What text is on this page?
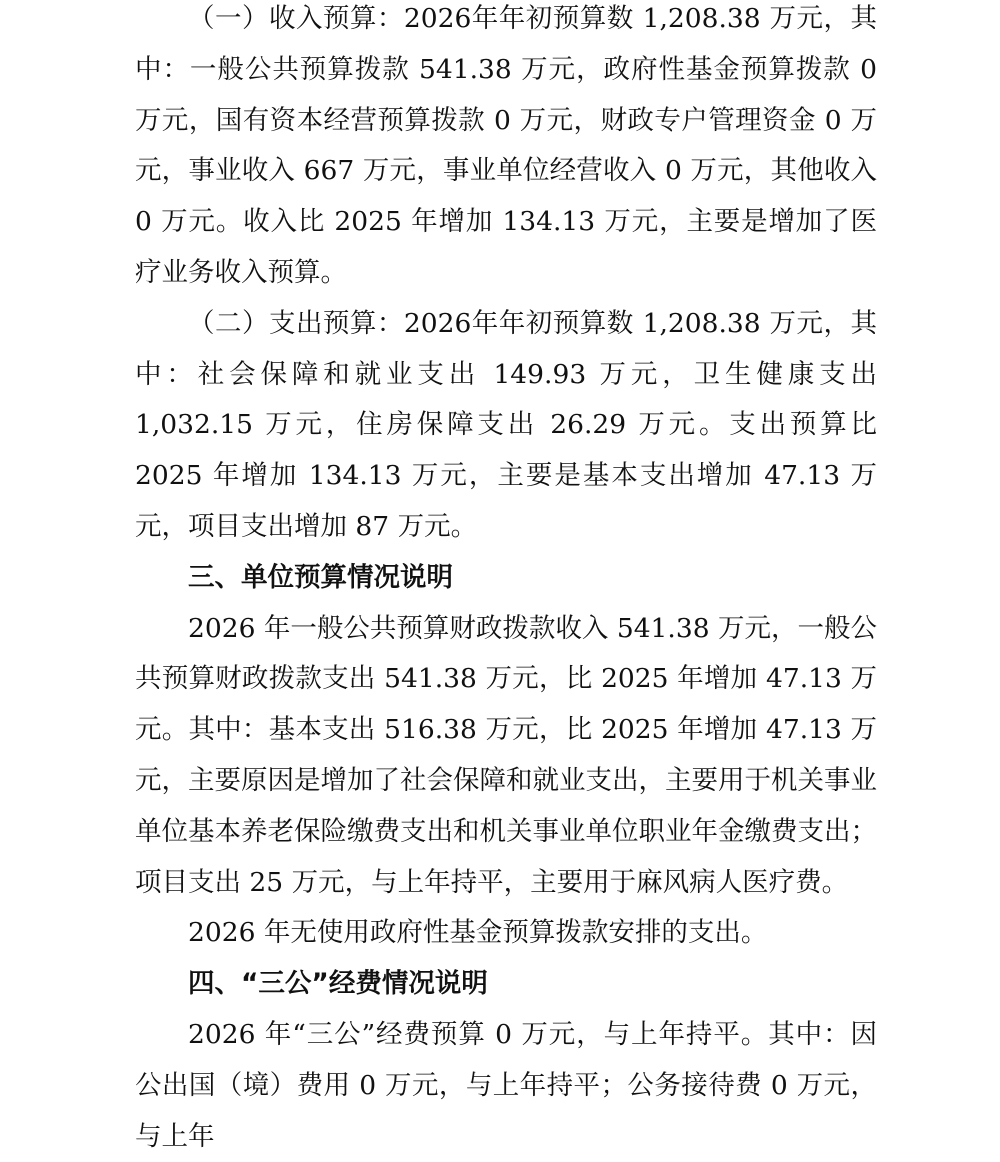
（一）收入预算：2026年年初预算数 1,208.38 万元，其中：一般公共预算拨款 541.38 万元，政府性基金预算拨款 0 万元，国有资本经营预算拨款 0 万元，财政专户管理资金 0 万元，事业收入 667 万元，事业单位经营收入 0 万元，其他收入 0 万元。收入比 2025 年增加 134.13 万元，主要是增加了医疗业务收入预算。

（二）支出预算：2026年年初预算数 1,208.38 万元，其中：社会保障和就业支出 149.93 万元，卫生健康支出 1,032.15 万元，住房保障支出 26.29 万元。支出预算比 2025 年增加 134.13 万元，主要是基本支出增加 47.13 万元，项目支出增加 87 万元。

三、单位预算情况说明

2026 年一般公共预算财政拨款收入 541.38 万元，一般公共预算财政拨款支出 541.38 万元，比 2025 年增加 47.13 万元。其中：基本支出 516.38 万元，比 2025 年增加 47.13 万元，主要原因是增加了社会保障和就业支出，主要用于机关事业单位基本养老保险缴费支出和机关事业单位职业年金缴费支出；项目支出 25 万元，与上年持平，主要用于麻风病人医疗费。

2026 年无使用政府性基金预算拨款安排的支出。

四、“三公”经费情况说明

2026 年“三公”经费预算 0 万元，与上年持平。其中：因公出国（境）费用 0 万元，与上年持平；公务接待费 0 万元，与上年
